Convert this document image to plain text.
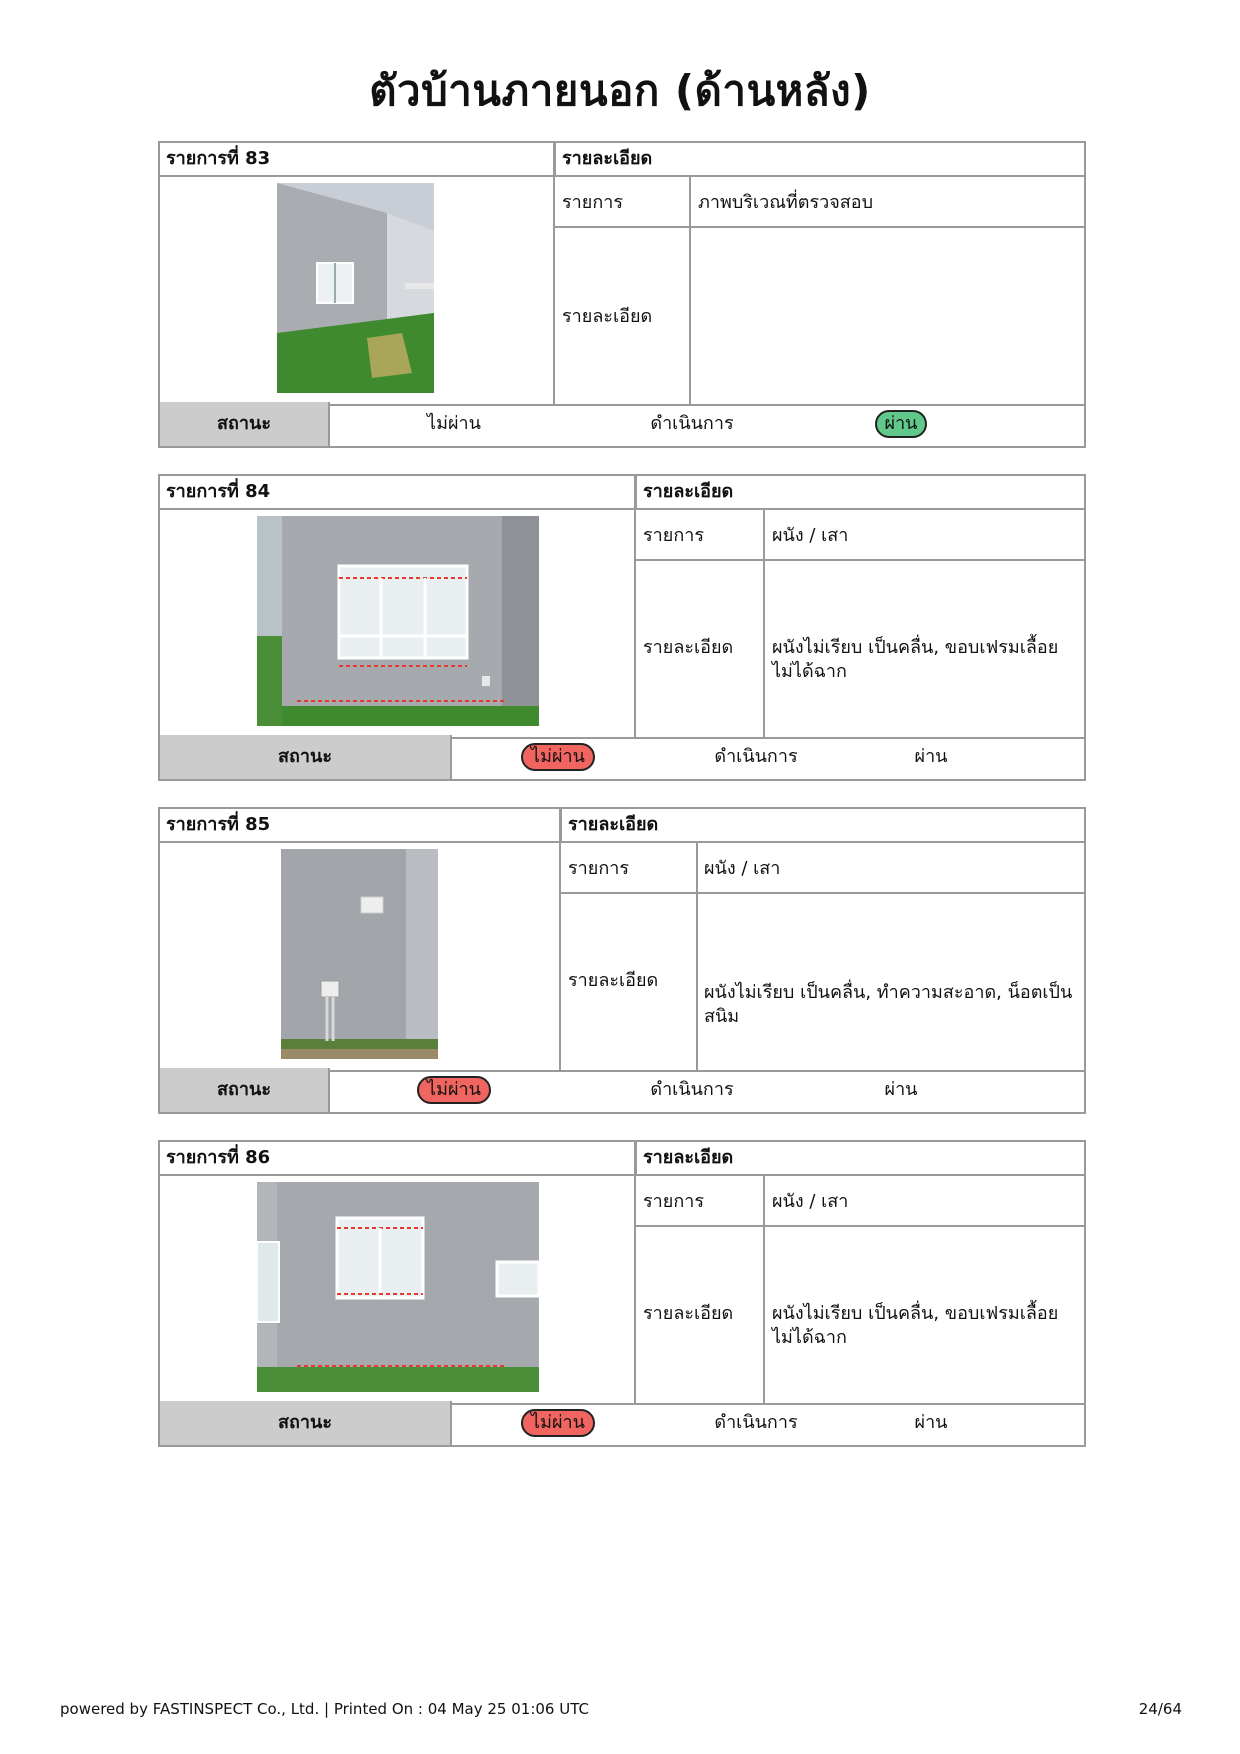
ตัวบ้านภายนอก (ด้านหลัง)
รายการที่ 83	รายละเอียด
รายการ	ภาพบริเวณที่ตรวจสอบ
รายละเอียด
สถานะ	ไม่ผ่าน	ดำเนินการ	ผ่าน
รายการที่ 84	รายละเอียด
รายการ	ผนัง / เสา
รายละเอียด ผนังไม่เรียบ เป็นคลื่น, ขอบเฟรมเลื้อย
ไม่ได้ฉาก
สถานะ	ไม่ผ่าน	ดำเนินการ	ผ่าน
รายการที่ 85	รายละเอียด
รายการ	ผนัง / เสา
รายละเอียด
ผนังไม่เรียบ เป็นคลื่น, ทำความสะอาด, น็อตเป็นสนิม
สถานะ	ไม่ผ่าน	ดำเนินการ	ผ่าน
รายการที่ 86	รายละเอียด
รายการ	ผนัง / เสา
รายละเอียด ผนังไม่เรียบ เป็นคลื่น, ขอบเฟรมเลื้อย
ไม่ได้ฉาก
สถานะ	ไม่ผ่าน	ดำเนินการ	ผ่าน
powered by FASTINSPECT Co., Ltd. | Printed On : 04 May 25 01:06 UTC	24/64
